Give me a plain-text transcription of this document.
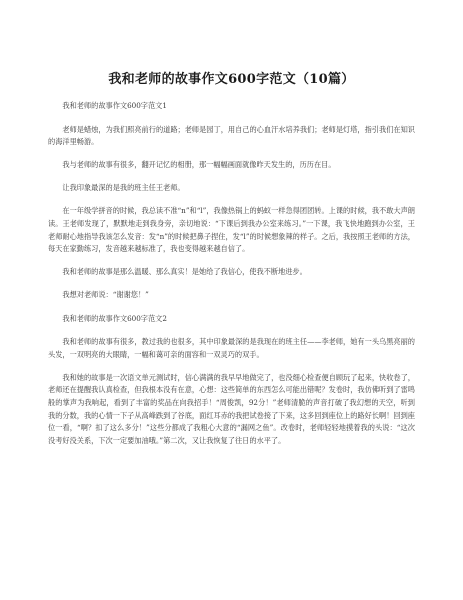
我和老师的故事作文600字范文（10篇）

我和老师的故事作文600字范文1

老师是蜡烛，为我们照亮前行的道路；老师是园丁，用自己的心血汗水培养我们；老师是灯塔，指引我们在知识的海洋里畅游。

我与老师的故事有很多，翻开记忆的相册，那一幅幅画面就像昨天发生的，历历在目。

让我印象最深的是我的班主任王老师。

在一年级学拼音的时候，我总读不准“n”和“l”，我像热锅上的蚂蚁一样急得团团转。上课的时候，我不敢大声朗读。王老师发现了，默默地走到我身旁，亲切地说：“下课后到我办公室来练习。”一下课，我飞快地跑到办公室，王老师耐心地指导我该怎么发音：发“n”的时候把鼻子捏住，发“l”的时候想象辣的样子。之后，我按照王老师的方法，每天在家勤练习，发音越来越标准了，我也变得越来越自信了。

我和老师的故事是那么温暖、那么真实！是她给了我信心，使我不断地进步。

我想对老师说：“谢谢您！”

我和老师的故事作文600字范文2

我和老师的故事有很多，教过我的也很多，其中印象最深的是我现在的班主任——李老师，她有一头乌黑亮丽的头发，一双明亮的大眼睛，一幅和蔼可亲的面容和一双灵巧的双手。

我和她的故事是一次语文单元测试时，信心满满的我早早地做完了，也没细心检查便自顾玩了起来，快收卷了，老师还在提醒我认真检查，但我根本没有在意，心想：这些简单的东西怎么可能出错呢？发卷时，我仿佛听到了雷鸣般的掌声为我响起，看到了丰富的奖品在向我招手！“周俊凯，92分！”老师清脆的声音打破了我幻想的天空，听到我的分数，我的心情一下子从高峰跌到了谷底，面红耳赤的我把试卷接了下来，这多回到座位上的路好长啊！回到座位一看，“啊？扣了这么多分！”这些分都成了我粗心大意的“漏网之鱼”。改卷时，老师轻轻地摸着我的头说：“这次没考好没关系，下次一定要加油哦。”第二次，又让我恢复了往日的水平了。
